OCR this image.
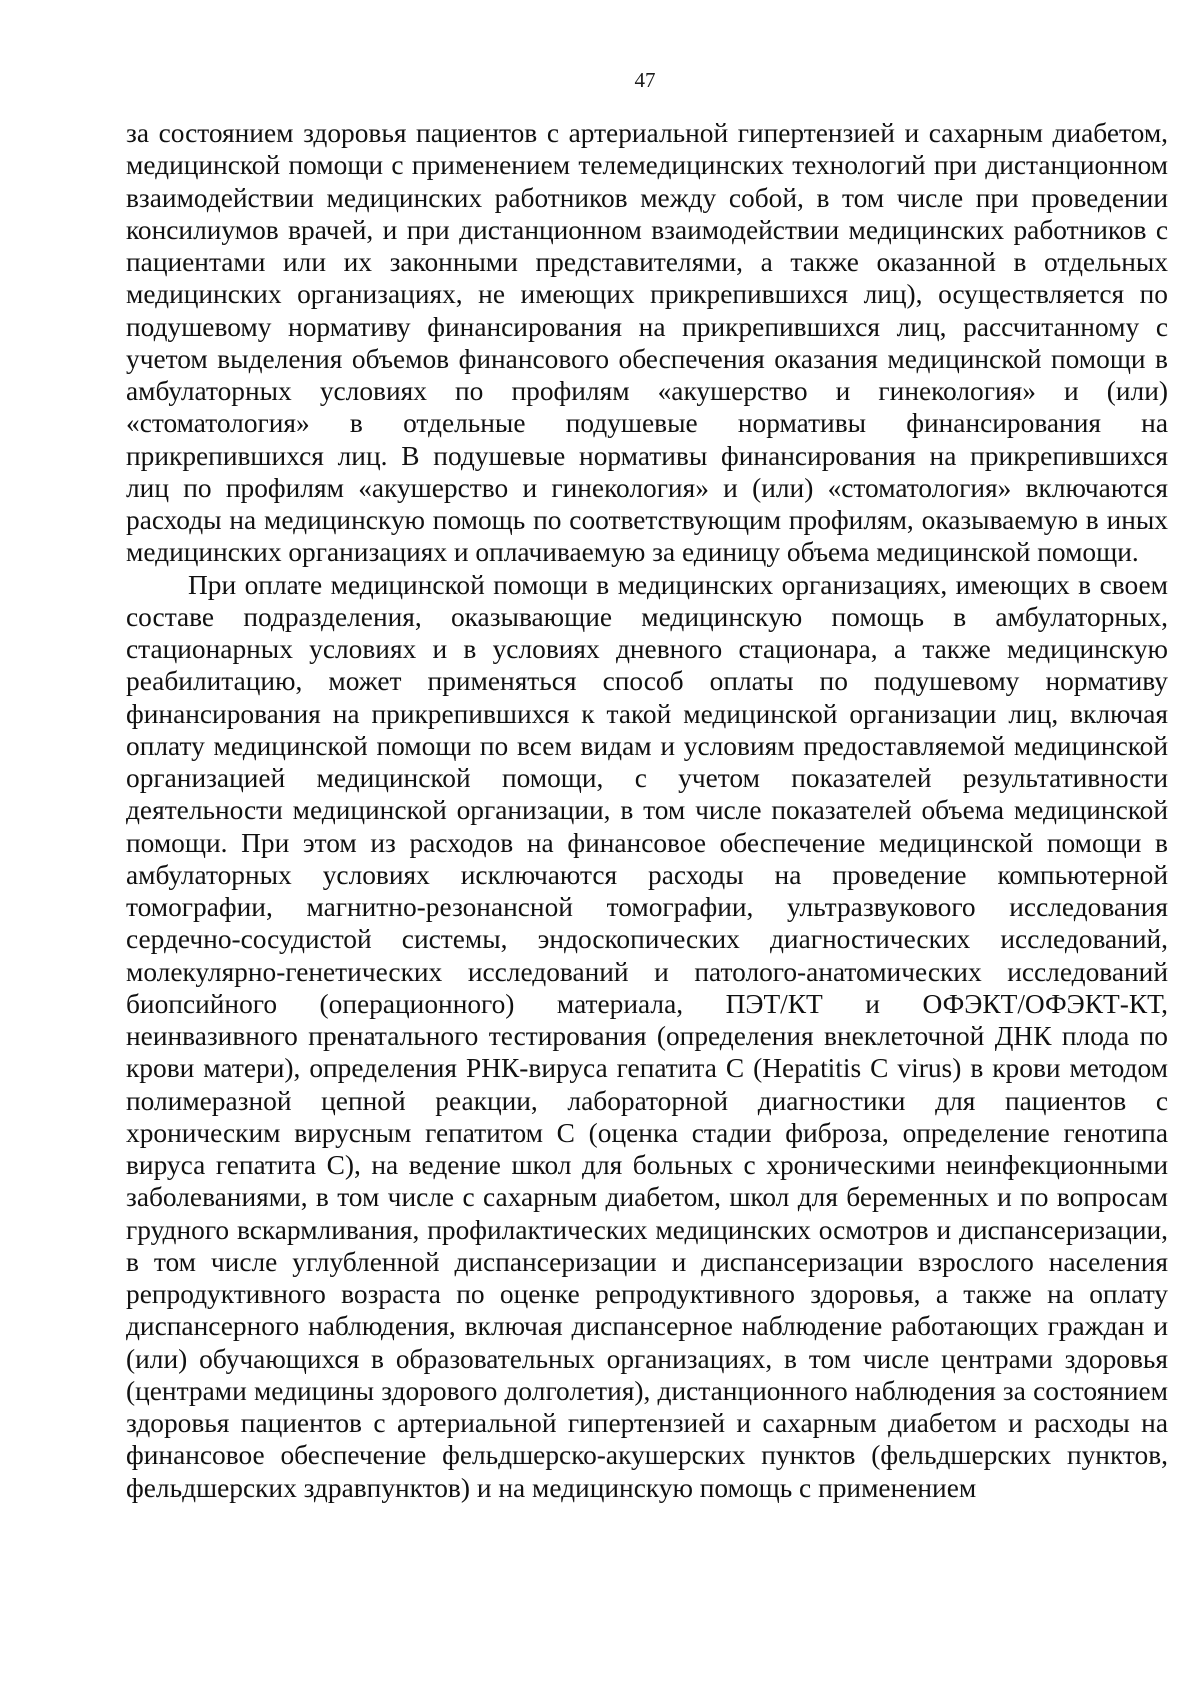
47

за состоянием здоровья пациентов с артериальной гипертензией и сахарным диабетом, медицинской помощи с применением телемедицинских технологий при дистанционном взаимодействии медицинских работников между собой, в том числе при проведении консилиумов врачей, и при дистанционном взаимодействии медицинских работников с пациентами или их законными представителями, а также оказанной в отдельных медицинских организациях, не имеющих прикрепившихся лиц), осуществляется по подушевому нормативу финансирования на прикрепившихся лиц, рассчитанному с учетом выделения объемов финансового обеспечения оказания медицинской помощи в амбулаторных условиях по профилям «акушерство и гинекология» и (или) «стоматология» в отдельные подушевые нормативы финансирования на прикрепившихся лиц. В подушевые нормативы финансирования на прикрепившихся лиц по профилям «акушерство и гинекология» и (или) «стоматология» включаются расходы на медицинскую помощь по соответствующим профилям, оказываемую в иных медицинских организациях и оплачиваемую за единицу объема медицинской помощи.

При оплате медицинской помощи в медицинских организациях, имеющих в своем составе подразделения, оказывающие медицинскую помощь в амбулаторных, стационарных условиях и в условиях дневного стационара, а также медицинскую реабилитацию, может применяться способ оплаты по подушевому нормативу финансирования на прикрепившихся к такой медицинской организации лиц, включая оплату медицинской помощи по всем видам и условиям предоставляемой медицинской организацией медицинской помощи, с учетом показателей результативности деятельности медицинской организации, в том числе показателей объема медицинской помощи. При этом из расходов на финансовое обеспечение медицинской помощи в амбулаторных условиях исключаются расходы на проведение компьютерной томографии, магнитно-резонансной томографии, ультразвукового исследования сердечно-сосудистой системы, эндоскопических диагностических исследований, молекулярно-генетических исследований и патолого-анатомических исследований биопсийного (операционного) материала, ПЭТ/КТ и ОФЭКТ/ОФЭКТ-КТ, неинвазивного пренатального тестирования (определения внеклеточной ДНК плода по крови матери), определения РНК-вируса гепатита С (Hepatitis C virus) в крови методом полимеразной цепной реакции, лабораторной диагностики для пациентов с хроническим вирусным гепатитом С (оценка стадии фиброза, определение генотипа вируса гепатита С), на ведение школ для больных с хроническими неинфекционными заболеваниями, в том числе с сахарным диабетом, школ для беременных и по вопросам грудного вскармливания, профилактических медицинских осмотров и диспансеризации, в том числе углубленной диспансеризации и диспансеризации взрослого населения репродуктивного возраста по оценке репродуктивного здоровья, а также на оплату диспансерного наблюдения, включая диспансерное наблюдение работающих граждан и (или) обучающихся в образовательных организациях, в том числе центрами здоровья (центрами медицины здорового долголетия), дистанционного наблюдения за состоянием здоровья пациентов с артериальной гипертензией и сахарным диабетом и расходы на финансовое обеспечение фельдшерско-акушерских пунктов (фельдшерских пунктов, фельдшерских здравпунктов) и на медицинскую помощь с применением
